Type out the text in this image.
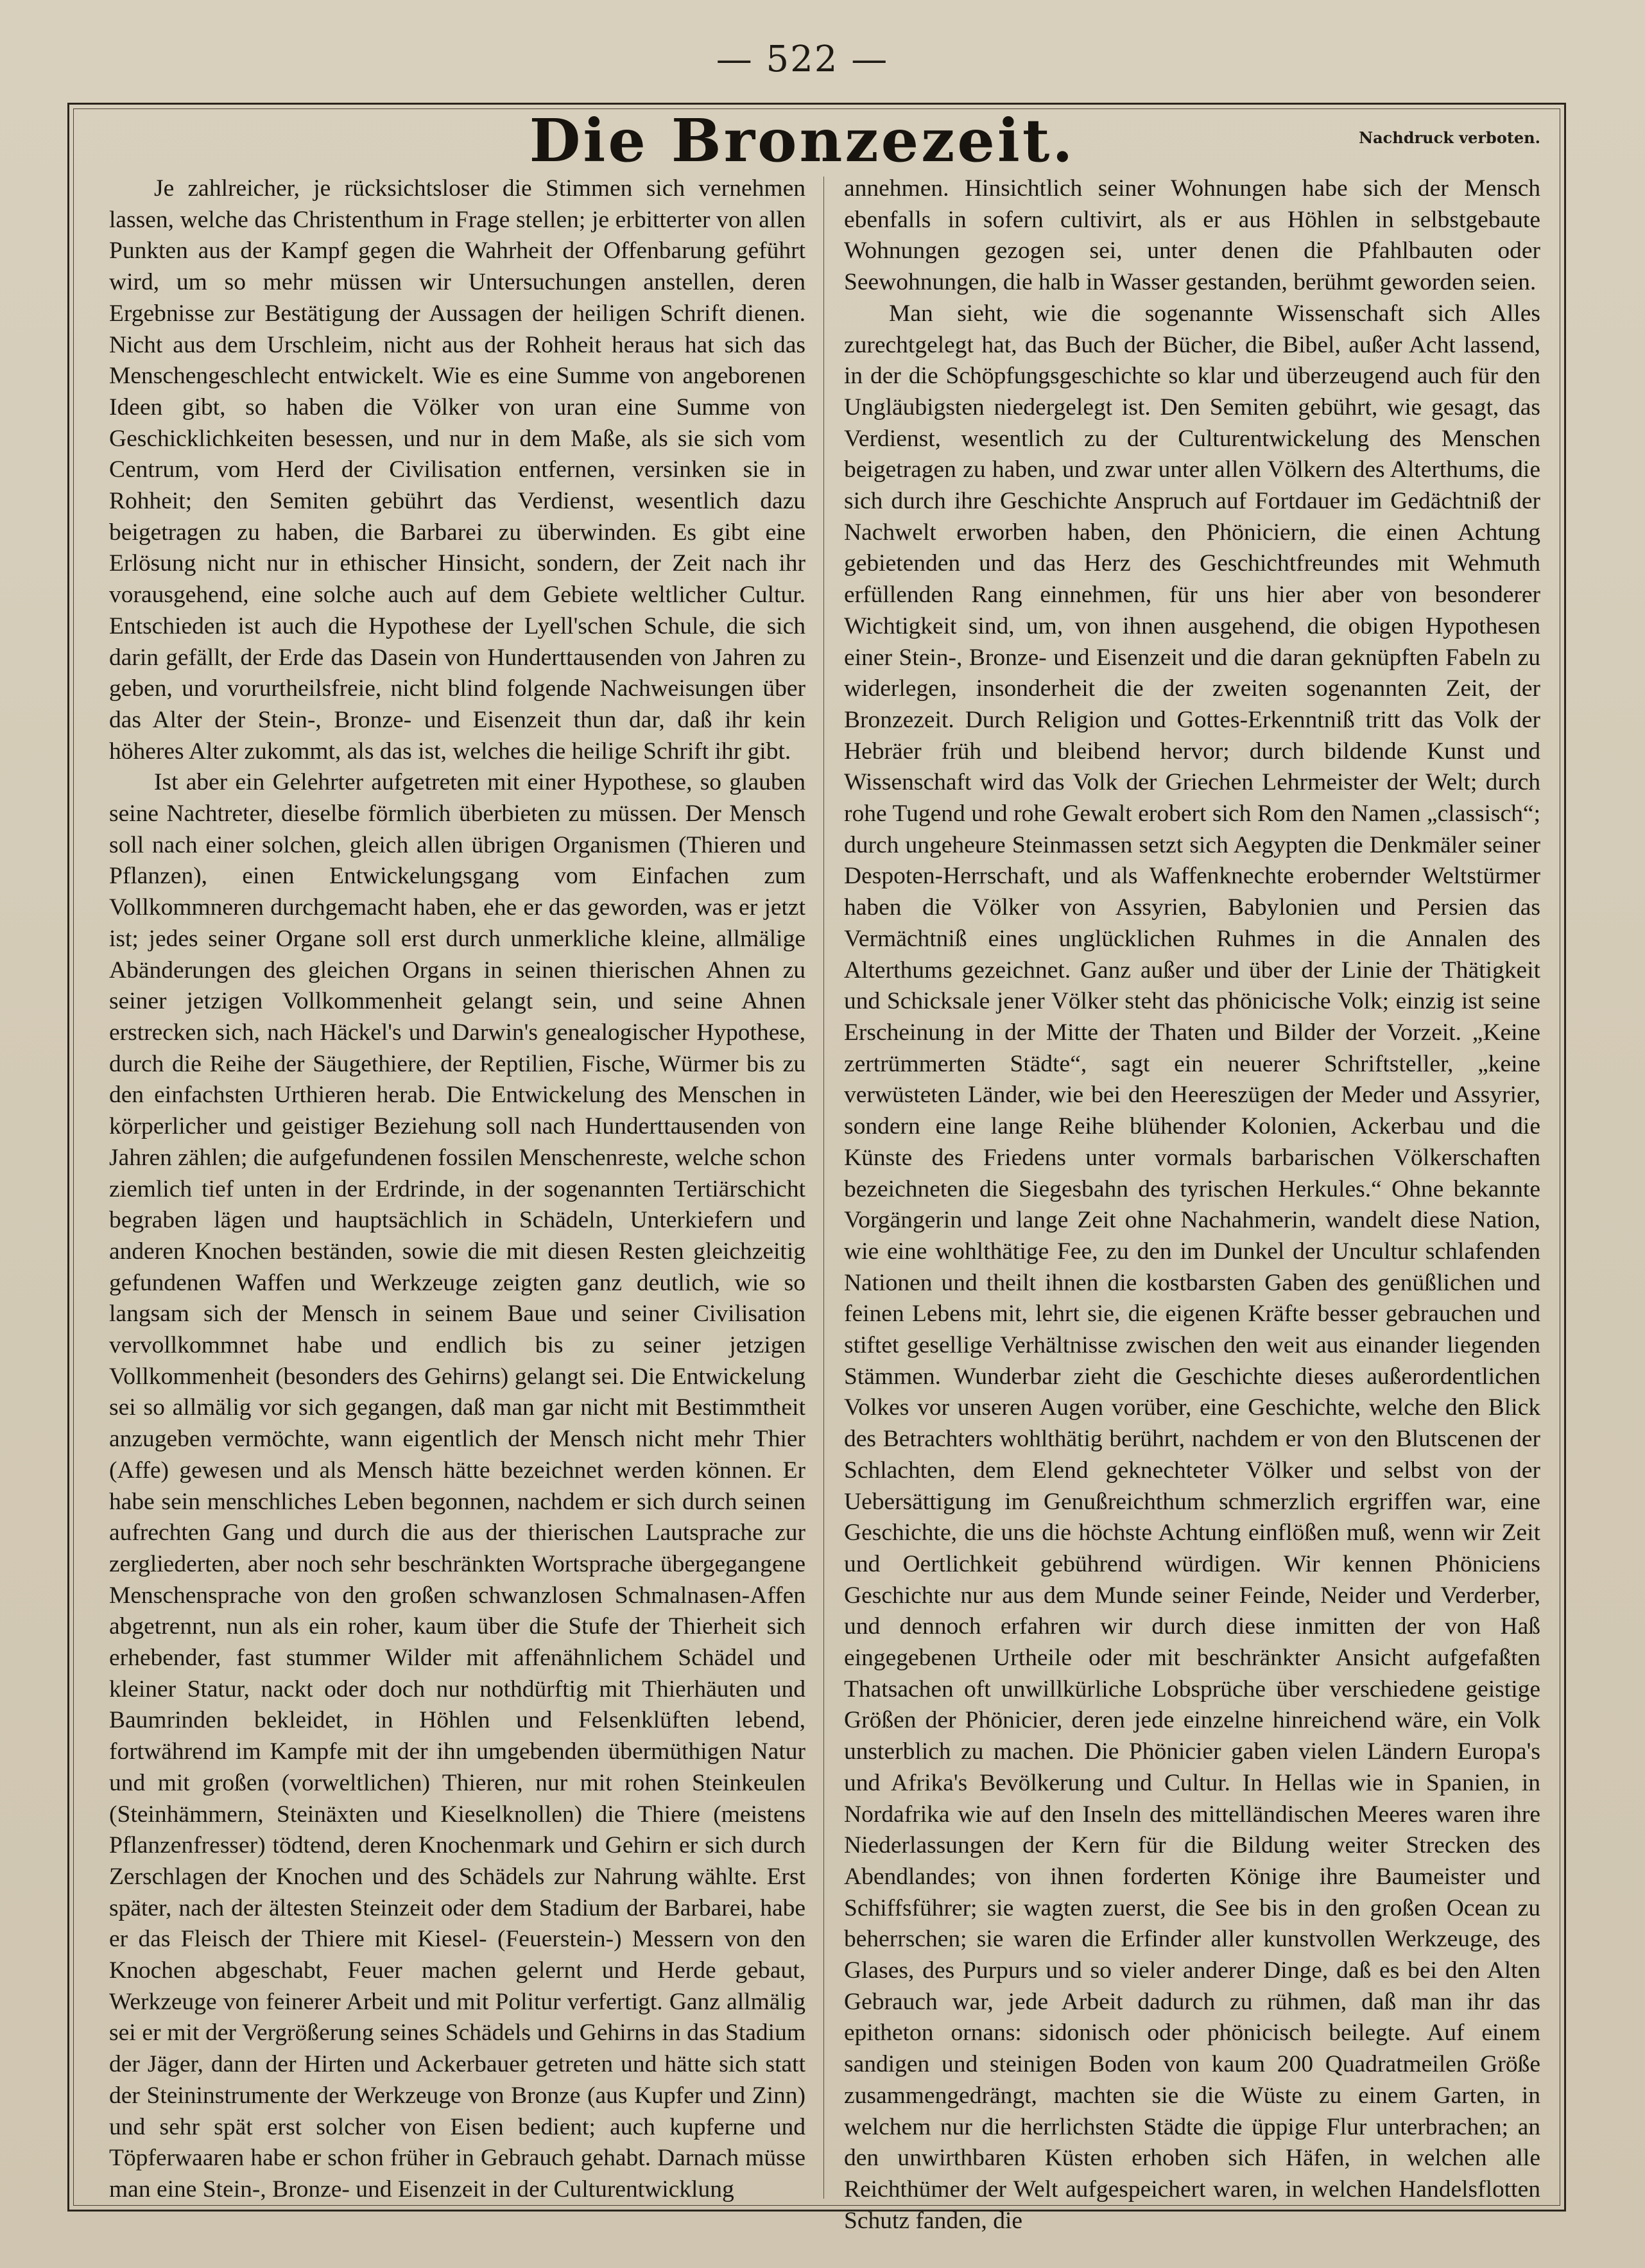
— 522 —
Die Bronzezeit.	Nachdruck verboten.

Je zahlreicher, je rücksichtsloser die Stimmen sich vernehmen lassen, welche das Christenthum in Frage stellen; je erbitterter von allen Punkten aus der Kampf gegen die Wahrheit der Offenbarung geführt wird, um so mehr müssen wir Untersuchungen anstellen, deren Ergebnisse zur Bestätigung der Aussagen der heiligen Schrift dienen. Nicht aus dem Urschleim, nicht aus der Rohheit heraus hat sich das Menschengeschlecht entwickelt. Wie es eine Summe von angeborenen Ideen gibt, so haben die Völker von uran eine Summe von Geschicklichkeiten besessen, und nur in dem Maße, als sie sich vom Centrum, vom Herd der Civilisation entfernen, versinken sie in Rohheit; den Semiten gebührt das Verdienst, wesentlich dazu beigetragen zu haben, die Barbarei zu überwinden. Es gibt eine Erlösung nicht nur in ethischer Hinsicht, sondern, der Zeit nach ihr vorausgehend, eine solche auch auf dem Gebiete weltlicher Cultur. Entschieden ist auch die Hypothese der Lyell'schen Schule, die sich darin gefällt, der Erde das Dasein von Hunderttausenden von Jahren zu geben, und vorurtheilsfreie, nicht blind folgende Nachweisungen über das Alter der Stein-, Bronze- und Eisenzeit thun dar, daß ihr kein höheres Alter zukommt, als das ist, welches die heilige Schrift ihr gibt.

Ist aber ein Gelehrter aufgetreten mit einer Hypothese, so glauben seine Nachtreter, dieselbe förmlich überbieten zu müssen. Der Mensch soll nach einer solchen, gleich allen übrigen Organismen (Thieren und Pflanzen), einen Entwickelungsgang vom Einfachen zum Vollkommneren durchgemacht haben, ehe er das geworden, was er jetzt ist; jedes seiner Organe soll erst durch unmerkliche kleine, allmälige Abänderungen des gleichen Organs in seinen thierischen Ahnen zu seiner jetzigen Vollkommenheit gelangt sein, und seine Ahnen erstrecken sich, nach Häckel's und Darwin's genealogischer Hypothese, durch die Reihe der Säugethiere, der Reptilien, Fische, Würmer bis zu den einfachsten Urthieren herab. Die Entwickelung des Menschen in körperlicher und geistiger Beziehung soll nach Hunderttausenden von Jahren zählen; die aufgefundenen fossilen Menschenreste, welche schon ziemlich tief unten in der Erdrinde, in der sogenannten Tertiärschicht begraben lägen und hauptsächlich in Schädeln, Unterkiefern und anderen Knochen beständen, sowie die mit diesen Resten gleichzeitig gefundenen Waffen und Werkzeuge zeigten ganz deutlich, wie so langsam sich der Mensch in seinem Baue und seiner Civilisation vervollkommnet habe und endlich bis zu seiner jetzigen Vollkommenheit (besonders des Gehirns) gelangt sei. Die Entwickelung sei so allmälig vor sich gegangen, daß man gar nicht mit Bestimmtheit anzugeben vermöchte, wann eigentlich der Mensch nicht mehr Thier (Affe) gewesen und als Mensch hätte bezeichnet werden können. Er habe sein menschliches Leben begonnen, nachdem er sich durch seinen aufrechten Gang und durch die aus der thierischen Lautsprache zur zergliederten, aber noch sehr beschränkten Wortsprache übergegangene Menschensprache von den großen schwanzlosen Schmalnasen-Affen abgetrennt, nun als ein roher, kaum über die Stufe der Thierheit sich erhebender, fast stummer Wilder mit affenähnlichem Schädel und kleiner Statur, nackt oder doch nur nothdürftig mit Thierhäuten und Baumrinden bekleidet, in Höhlen und Felsenklüften lebend, fortwährend im Kampfe mit der ihn umgebenden übermüthigen Natur und mit großen (vorweltlichen) Thieren, nur mit rohen Steinkeulen (Steinhämmern, Steinäxten und Kieselknollen) die Thiere (meistens Pflanzenfresser) tödtend, deren Knochenmark und Gehirn er sich durch Zerschlagen der Knochen und des Schädels zur Nahrung wählte. Erst später, nach der ältesten Steinzeit oder dem Stadium der Barbarei, habe er das Fleisch der Thiere mit Kiesel- (Feuerstein-) Messern von den Knochen abgeschabt, Feuer machen gelernt und Herde gebaut, Werkzeuge von feinerer Arbeit und mit Politur verfertigt. Ganz allmälig sei er mit der Vergrößerung seines Schädels und Gehirns in das Stadium der Jäger, dann der Hirten und Ackerbauer getreten und hätte sich statt der Steininstrumente der Werkzeuge von Bronze (aus Kupfer und Zinn) und sehr spät erst solcher von Eisen bedient; auch kupferne und Töpferwaaren habe er schon früher in Gebrauch gehabt. Darnach müsse man eine Stein-, Bronze- und Eisenzeit in der Culturentwicklung

annehmen. Hinsichtlich seiner Wohnungen habe sich der Mensch ebenfalls in sofern cultivirt, als er aus Höhlen in selbstgebaute Wohnungen gezogen sei, unter denen die Pfahlbauten oder Seewohnungen, die halb in Wasser gestanden, berühmt geworden seien.

Man sieht, wie die sogenannte Wissenschaft sich Alles zurechtgelegt hat, das Buch der Bücher, die Bibel, außer Acht lassend, in der die Schöpfungsgeschichte so klar und überzeugend auch für den Ungläubigsten niedergelegt ist. Den Semiten gebührt, wie gesagt, das Verdienst, wesentlich zu der Culturentwickelung des Menschen beigetragen zu haben, und zwar unter allen Völkern des Alterthums, die sich durch ihre Geschichte Anspruch auf Fortdauer im Gedächtniß der Nachwelt erworben haben, den Phöniciern, die einen Achtung gebietenden und das Herz des Geschichtfreundes mit Wehmuth erfüllenden Rang einnehmen, für uns hier aber von besonderer Wichtigkeit sind, um, von ihnen ausgehend, die obigen Hypothesen einer Stein-, Bronze- und Eisenzeit und die daran geknüpften Fabeln zu widerlegen, insonderheit die der zweiten sogenannten Zeit, der Bronzezeit. Durch Religion und Gottes-Erkenntniß tritt das Volk der Hebräer früh und bleibend hervor; durch bildende Kunst und Wissenschaft wird das Volk der Griechen Lehrmeister der Welt; durch rohe Tugend und rohe Gewalt erobert sich Rom den Namen „classisch“; durch ungeheure Steinmassen setzt sich Aegypten die Denkmäler seiner Despoten-Herrschaft, und als Waffenknechte erobernder Weltstürmer haben die Völker von Assyrien, Babylonien und Persien das Vermächtniß eines unglücklichen Ruhmes in die Annalen des Alterthums gezeichnet. Ganz außer und über der Linie der Thätigkeit und Schicksale jener Völker steht das phönicische Volk; einzig ist seine Erscheinung in der Mitte der Thaten und Bilder der Vorzeit. „Keine zertrümmerten Städte“, sagt ein neuerer Schriftsteller, „keine verwüsteten Länder, wie bei den Heereszügen der Meder und Assyrier, sondern eine lange Reihe blühender Kolonien, Ackerbau und die Künste des Friedens unter vormals barbarischen Völkerschaften bezeichneten die Siegesbahn des tyrischen Herkules.“ Ohne bekannte Vorgängerin und lange Zeit ohne Nachahmerin, wandelt diese Nation, wie eine wohlthätige Fee, zu den im Dunkel der Uncultur schlafenden Nationen und theilt ihnen die kostbarsten Gaben des genüßlichen und feinen Lebens mit, lehrt sie, die eigenen Kräfte besser gebrauchen und stiftet gesellige Verhältnisse zwischen den weit aus einander liegenden Stämmen. Wunderbar zieht die Geschichte dieses außerordentlichen Volkes vor unseren Augen vorüber, eine Geschichte, welche den Blick des Betrachters wohlthätig berührt, nachdem er von den Blutscenen der Schlachten, dem Elend geknechteter Völker und selbst von der Uebersättigung im Genußreichthum schmerzlich ergriffen war, eine Geschichte, die uns die höchste Achtung einflößen muß, wenn wir Zeit und Oertlichkeit gebührend würdigen. Wir kennen Phöniciens Geschichte nur aus dem Munde seiner Feinde, Neider und Verderber, und dennoch erfahren wir durch diese inmitten der von Haß eingegebenen Urtheile oder mit beschränkter Ansicht aufgefaßten Thatsachen oft unwillkürliche Lobsprüche über verschiedene geistige Größen der Phönicier, deren jede einzelne hinreichend wäre, ein Volk unsterblich zu machen. Die Phönicier gaben vielen Ländern Europa's und Afrika's Bevölkerung und Cultur. In Hellas wie in Spanien, in Nordafrika wie auf den Inseln des mittelländischen Meeres waren ihre Niederlassungen der Kern für die Bildung weiter Strecken des Abendlandes; von ihnen forderten Könige ihre Baumeister und Schiffsführer; sie wagten zuerst, die See bis in den großen Ocean zu beherrschen; sie waren die Erfinder aller kunstvollen Werkzeuge, des Glases, des Purpurs und so vieler anderer Dinge, daß es bei den Alten Gebrauch war, jede Arbeit dadurch zu rühmen, daß man ihr das epitheton ornans: sidonisch oder phönicisch beilegte. Auf einem sandigen und steinigen Boden von kaum 200 Quadratmeilen Größe zusammengedrängt, machten sie die Wüste zu einem Garten, in welchem nur die herrlichsten Städte die üppige Flur unterbrachen; an den unwirthbaren Küsten erhoben sich Häfen, in welchen alle Reichthümer der Welt aufgespeichert waren, in welchen Handelsflotten Schutz fanden, die
